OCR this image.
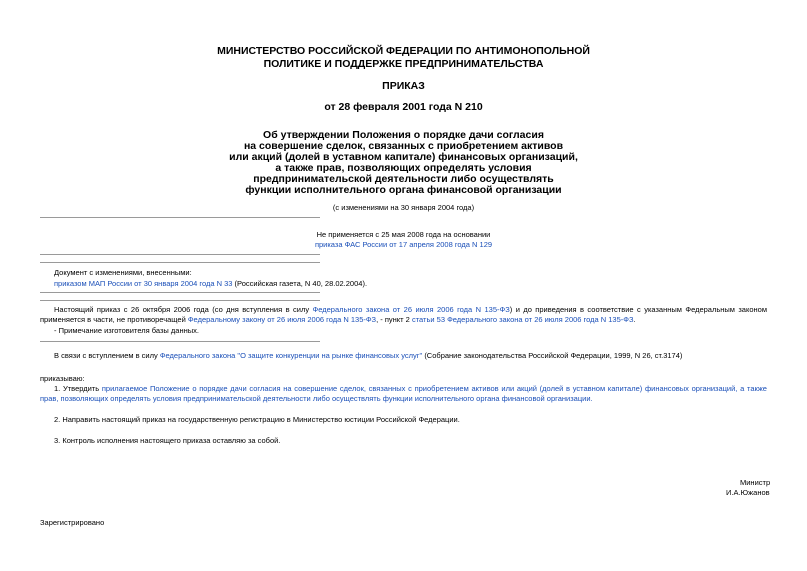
МИНИСТЕРСТВО РОССИЙСКОЙ ФЕДЕРАЦИИ ПО АНТИМОНОПОЛЬНОЙ
ПОЛИТИКЕ И ПОДДЕРЖКЕ ПРЕДПРИНИМАТЕЛЬСТВА
ПРИКАЗ
от 28 февраля 2001 года N 210
Об утверждении Положения о порядке дачи согласия
на совершение сделок, связанных с приобретением активов
или акций (долей в уставном капитале) финансовых организаций,
а также прав, позволяющих определять условия
предпринимательской деятельности либо осуществлять
функции исполнительного органа финансовой организации
(с изменениями на 30 января 2004 года)
Не применяется с 25 мая 2008 года на основании
приказа ФАС России от 17 апреля 2008 года N 129
Документ с изменениями, внесенными:
приказом МАП России от 30 января 2004 года N 33 (Российская газета, N 40, 28.02.2004).
Настоящий приказ с 26 октября 2006 года (со дня вступления в силу Федерального закона от 26 июля 2006 года N 135-ФЗ) и до приведения в соответствие с указанным Федеральным законом применяется в части, не противоречащей Федеральному закону от 26 июля 2006 года N 135-ФЗ, - пункт 2 статьи 53 Федерального закона от 26 июля 2006 года N 135-ФЗ.
- Примечание изготовителя базы данных.
В связи с вступлением в силу Федерального закона "О защите конкуренции на рынке финансовых услуг" (Собрание законодательства Российской Федерации, 1999, N 26, ст.3174)
приказываю:
1. Утвердить прилагаемое Положение о порядке дачи согласия на совершение сделок, связанных с приобретением активов или акций (долей в уставном капитале) финансовых организаций, а также прав, позволяющих определять условия предпринимательской деятельности либо осуществлять функции исполнительного органа финансовой организации.
2. Направить настоящий приказ на государственную регистрацию в Министерство юстиции Российской Федерации.
3. Контроль исполнения настоящего приказа оставляю за собой.
Министр
И.А.Южанов
Зарегистрировано
